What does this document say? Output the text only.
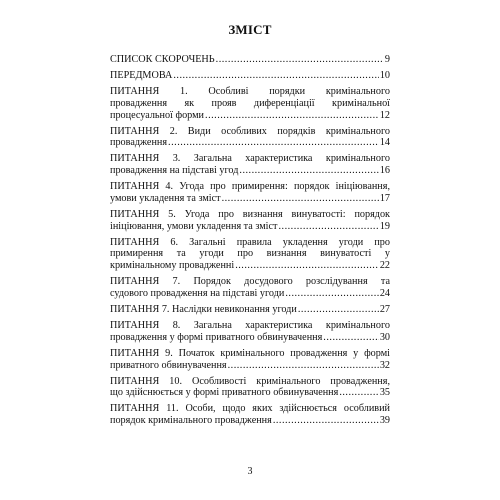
ЗМІСТ
СПИСОК СКОРОЧЕНЬ .....	9
ПЕРЕДМОВА .....	10
ПИТАННЯ 1. Особливі порядки кримінального
провадження як прояв диференціації кримінальної
процесуальної форми .....	12
ПИТАННЯ 2. Види особливих порядків кримінального
провадження .....	14
ПИТАННЯ 3. Загальна характеристика кримінального
провадження на підставі угод .....	16
ПИТАННЯ 4. Угода про примирення: порядок ініціювання,
умови укладення та зміст .....	17
ПИТАННЯ 5. Угода про визнання винуватості: порядок
ініціювання, умови укладення та зміст .....	19
ПИТАННЯ 6. Загальні правила укладення угоди про
примирення та угоди про визнання винуватості у
кримінальному провадженні .....	22
ПИТАННЯ 7. Порядок досудового розслідування та
судового провадження на підставі угоди .....	24
ПИТАННЯ 7. Наслідки невиконання угоди .....	27
ПИТАННЯ 8. Загальна характеристика кримінального
провадження у формі приватного обвинувачення .....	30
ПИТАННЯ 9. Початок кримінального провадження у формі
приватного обвинувачення .....	32
ПИТАННЯ 10. Особливості кримінального провадження,
що здійснюється у формі приватного обвинувачення .....	35
ПИТАННЯ 11. Особи, щодо яких здійснюється особливий
порядок кримінального провадження .....	39
3
